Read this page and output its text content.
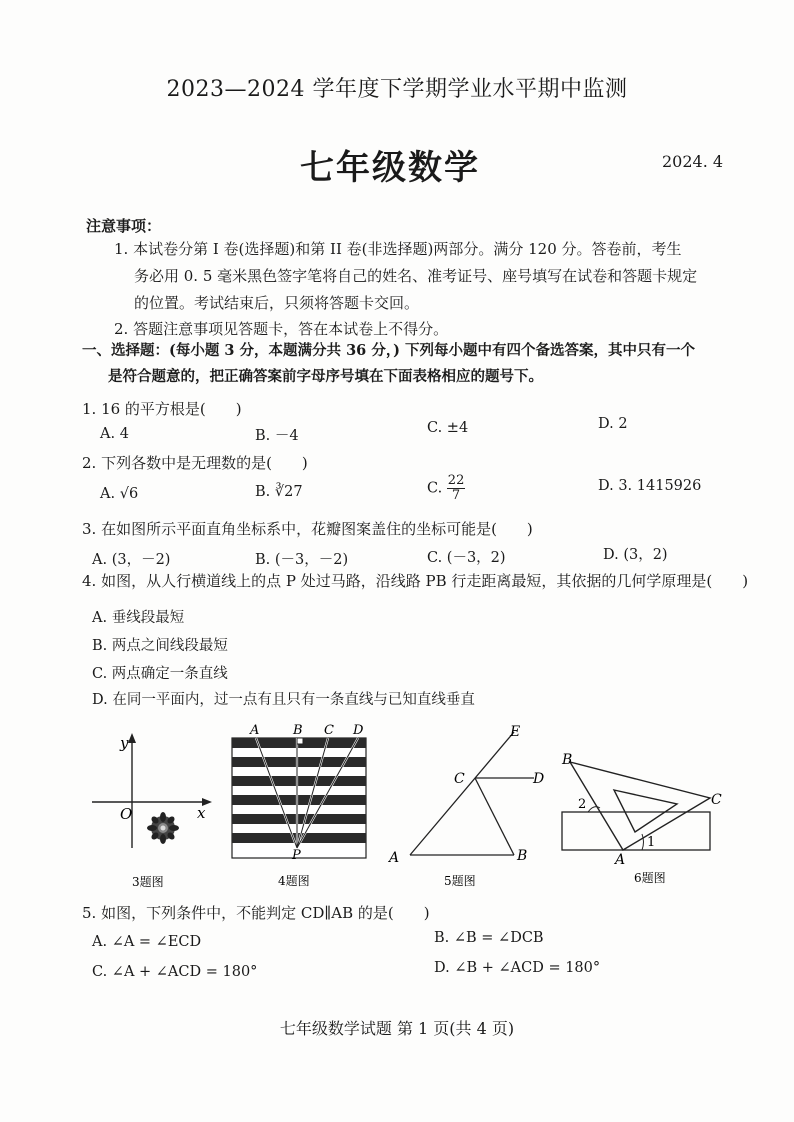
2023—2024 学年度下学期学业水平期中监测
七年级数学	2024. 4
注意事项：
1. 本试卷分第 I 卷(选择题)和第 II 卷(非选择题)两部分。满分 120 分。答卷前，考生
务必用 0. 5 毫米黑色签字笔将自己的姓名、准考证号、座号填写在试卷和答题卡规定
的位置。考试结束后，只须将答题卡交回。
2. 答题注意事项见答题卡，答在本试卷上不得分。
一、选择题：(每小题 3 分，本题满分共 36 分，) 下列每小题中有四个备选答案，其中只有一个
是符合题意的，把正确答案前字母序号填在下面表格相应的题号下。
1. 16 的平方根是(　　)
A. 4	B. －4	C. ±4	D. 2
2. 下列各数中是无理数的是(　　)
A. √6	B. ∛27	C. $\frac{22}{7}$	D. 3. 1415926
3. 在如图所示平面直角坐标系中，花瓣图案盖住的坐标可能是(　　)
A. (3，－2)	B. (－3，－2)	C. (－3，2)	D. (3，2)
4. 如图，从人行横道线上的点 P 处过马路，沿线路 PB 行走距离最短，其依据的几何学原理是(　　)
A. 垂线段最短
B. 两点之间线段最短
C. 两点确定一条直线
D. 在同一平面内，过一点有且只有一条直线与已知直线垂直
y
x
O
3题图
A	B C D
P
4题图
E
C	D
A	B
5题图
B
C
A
1
2
6题图
5. 如图，下列条件中，不能判定 CD∥AB 的是(　　)
A. ∠A = ∠ECD	B. ∠B = ∠DCB
C. ∠A + ∠ACD = 180°	D. ∠B + ∠ACD = 180°
七年级数学试题 第 1 页(共 4 页)
